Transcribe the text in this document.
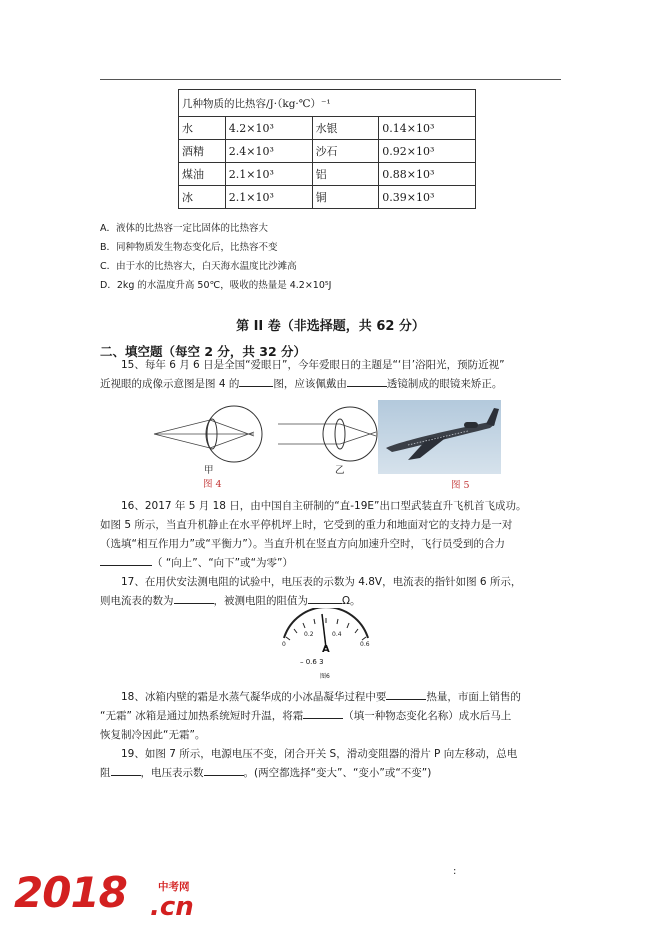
几种物质的比热容/J·（kg·℃）⁻¹			
水	4.2×10³	水银	0.14×10³
酒精	2.4×10³	沙石	0.92×10³
煤油	2.1×10³	铝	0.88×10³
冰	2.1×10³	铜	0.39×10³
A．液体的比热容一定比固体的比热容大
B．同种物质发生物态变化后，比热容不变
C．由于水的比热容大，白天海水温度比沙滩高
D．2kg 的水温度升高 50℃，吸收的热量是 4.2×10⁵J
第 II 卷（非选择题，共 62 分）
二、填空题（每空 2 分，共 32 分）
15、每年 6 月 6 日是全国“爱眼日”，今年爱眼日的主题是“‘目’浴阳光，预防近视”
近视眼的成像示意图是图 4 的	图，应该佩戴由	透镜制成的眼镜来矫正。
甲	乙
图 4	图 5
16、2017 年 5 月 18 日，由中国自主研制的“直-19E”出口型武装直升飞机首飞成功。
如图 5 所示，当直升机静止在水平停机坪上时，它受到的重力和地面对它的支持力是一对
（选填“相互作用力”或“平衡力”）。当直升机在竖直方向加速升空时，飞行员受到的合力
（ “向上”、“向下”或“为零”）
17、在用伏安法测电阻的试验中，电压表的示数为 4.8V，电流表的指针如图 6 所示，
则电流表的数为	，被测电阻的阻值为	Ω。
0
0.2	0.4
0.6
A
– 0.6 3
图6
18、冰箱内壁的霜是水蒸气凝华成的小冰晶凝华过程中要	热量，市面上销售的
“无霜” 冰箱是通过加热系统短时升温，将霜	（填一种物态变化名称）成水后马上
恢复制冷因此“无霜”。
19、如图 7 所示，电源电压不变，闭合开关 S，滑动变阻器的滑片 P 向左移动，总电
阻	，电压表示数	。(两空都选择“变大”、“变小”或“不变”)
:
2018	中考网
.cn
